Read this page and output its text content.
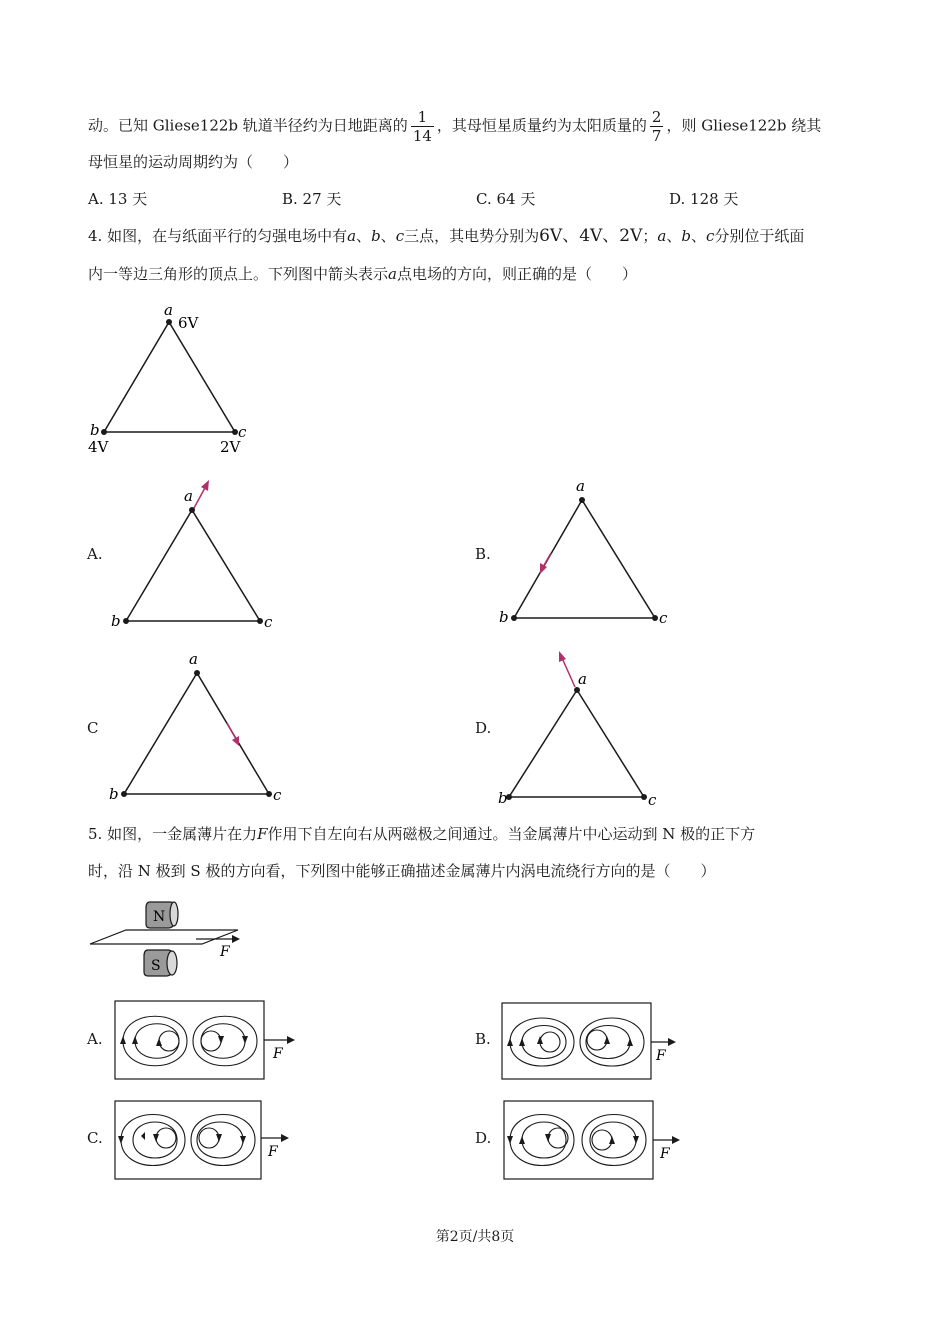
动。已知 Gliese122b 轨道半径约为日地距离的 $\frac{1}{14}$ ，其母恒星质量约为太阳质量的 $\frac{2}{7}$ ，则 Gliese122b 绕其
母恒星的运动周期约为（　　）
A. 13 天	B. 27 天	C. 64 天	D. 128 天
4. 如图，在与纸面平行的匀强电场中有a、b、c三点，其电势分别为6V、4V、2V；a、b、c分别位于纸面
内一等边三角形的顶点上。下列图中箭头表示a点电场的方向，则正确的是（　　）
a
6V
b
4V
c
2V
A.	B.
C	D.
a
b	c
a
b	c
a
b	c
a
b	c
5. 如图，一金属薄片在力F作用下自左向右从两磁极之间通过。当金属薄片中心运动到 N 极的正下方
时，沿 N 极到 S 极的方向看，下列图中能够正确描述金属薄片内涡电流绕行方向的是（　　）
N
F
S
A.	B.
C.	D.
F	F
F	F
第2页/共8页
